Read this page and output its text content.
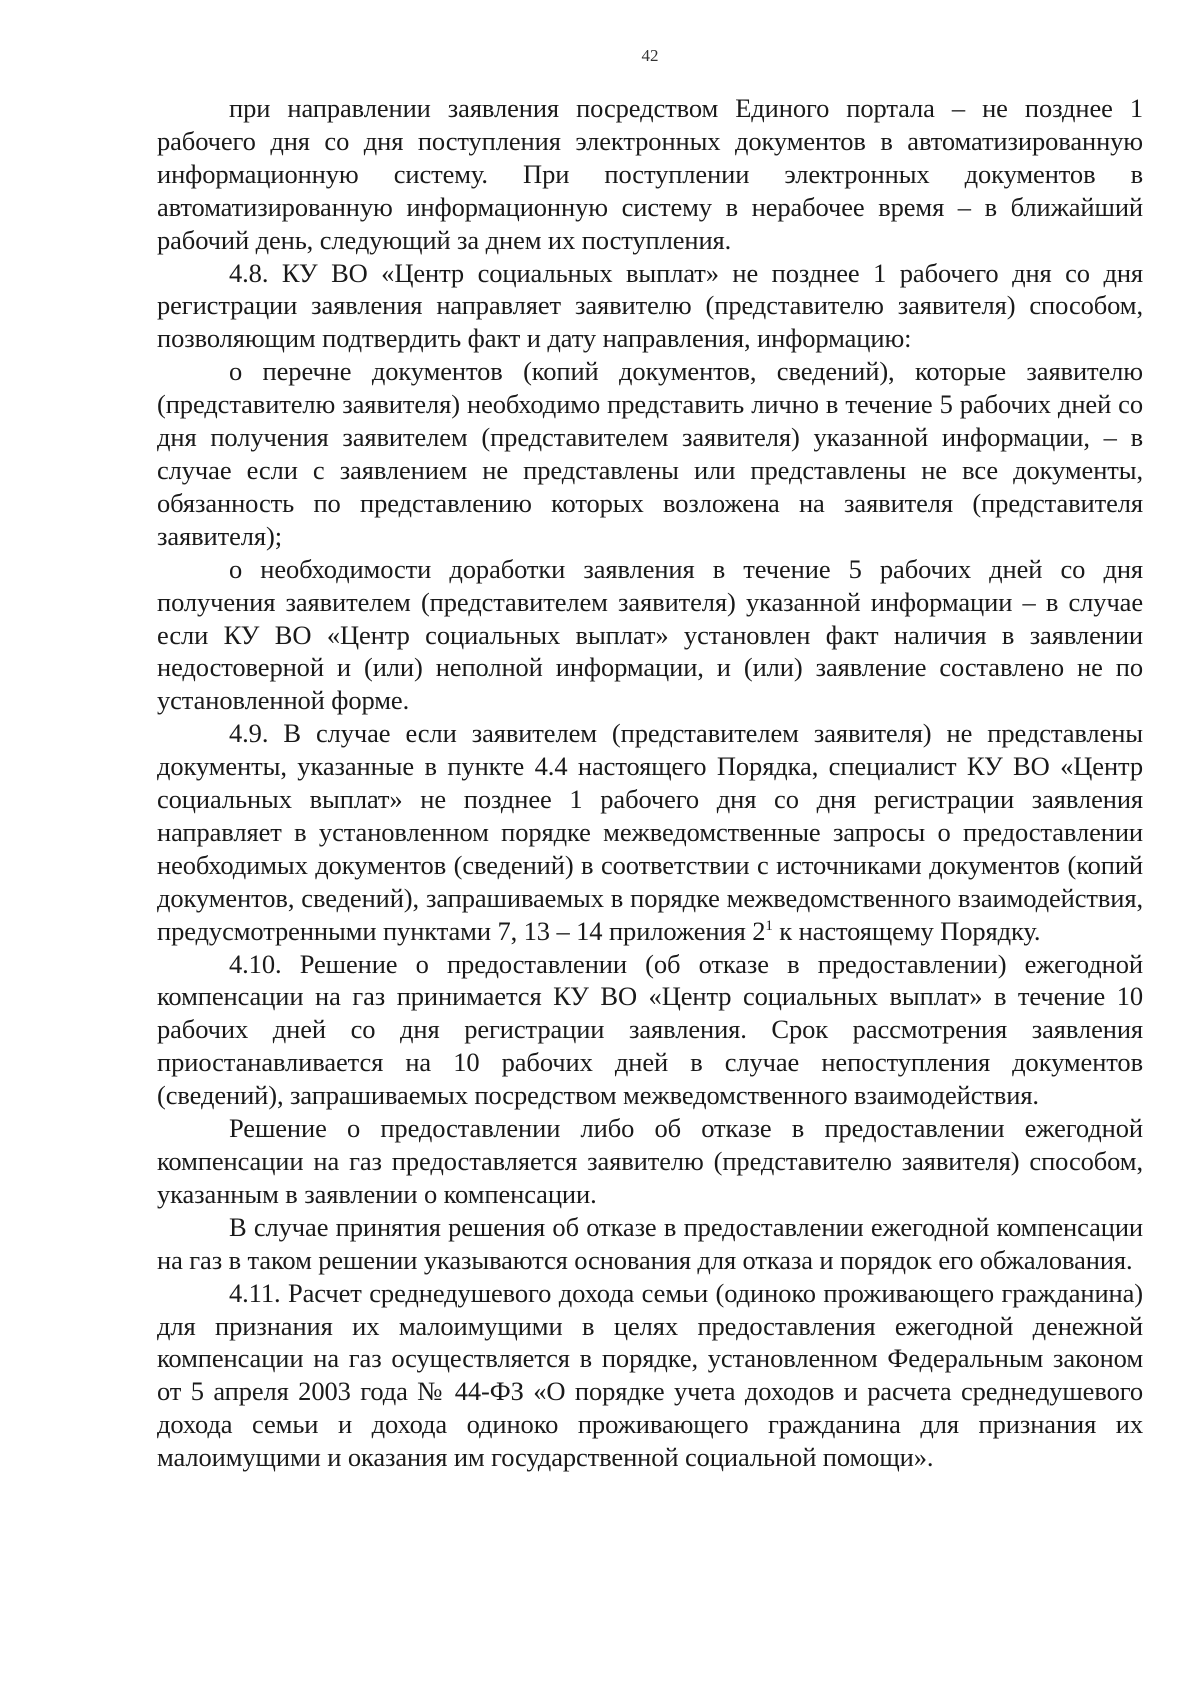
42

при направлении заявления посредством Единого портала – не позднее 1 рабочего дня со дня поступления электронных документов в автоматизированную информационную систему. При поступлении электронных документов в автоматизированную информационную систему в нерабочее время – в ближайший рабочий день, следующий за днем их поступления.

4.8. КУ ВО «Центр социальных выплат» не позднее 1 рабочего дня со дня регистрации заявления направляет заявителю (представителю заявителя) способом, позволяющим подтвердить факт и дату направления, информацию:

о перечне документов (копий документов, сведений), которые заявителю (представителю заявителя) необходимо представить лично в течение 5 рабочих дней со дня получения заявителем (представителем заявителя) указанной информации, – в случае если с заявлением не представлены или представлены не все документы, обязанность по представлению которых возложена на заявителя (представителя заявителя);

о необходимости доработки заявления в течение 5 рабочих дней со дня получения заявителем (представителем заявителя) указанной информации – в случае если КУ ВО «Центр социальных выплат» установлен факт наличия в заявлении недостоверной и (или) неполной информации, и (или) заявление составлено не по установленной форме.

4.9. В случае если заявителем (представителем заявителя) не представлены документы, указанные в пункте 4.4 настоящего Порядка, специалист КУ ВО «Центр социальных выплат» не позднее 1 рабочего дня со дня регистрации заявления направляет в установленном порядке межведомственные запросы о предоставлении необходимых документов (сведений) в соответствии с источниками документов (копий документов, сведений), запрашиваемых в порядке межведомственного взаимодействия, предусмотренными пунктами 7, 13 – 14 приложения $2^1$ к настоящему Порядку.

4.10. Решение о предоставлении (об отказе в предоставлении) ежегодной компенсации на газ принимается КУ ВО «Центр социальных выплат» в течение 10 рабочих дней со дня регистрации заявления. Срок рассмотрения заявления приостанавливается на 10 рабочих дней в случае непоступления документов (сведений), запрашиваемых посредством межведомственного взаимодействия.

Решение о предоставлении либо об отказе в предоставлении ежегодной компенсации на газ предоставляется заявителю (представителю заявителя) способом, указанным в заявлении о компенсации.

В случае принятия решения об отказе в предоставлении ежегодной компенсации на газ в таком решении указываются основания для отказа и порядок его обжалования.

4.11. Расчет среднедушевого дохода семьи (одиноко проживающего гражданина) для признания их малоимущими в целях предоставления ежегодной денежной компенсации на газ осуществляется в порядке, установленном Федеральным законом от 5 апреля 2003 года № 44-ФЗ «О порядке учета доходов и расчета среднедушевого дохода семьи и дохода одиноко проживающего гражданина для признания их малоимущими и оказания им государственной социальной помощи».
